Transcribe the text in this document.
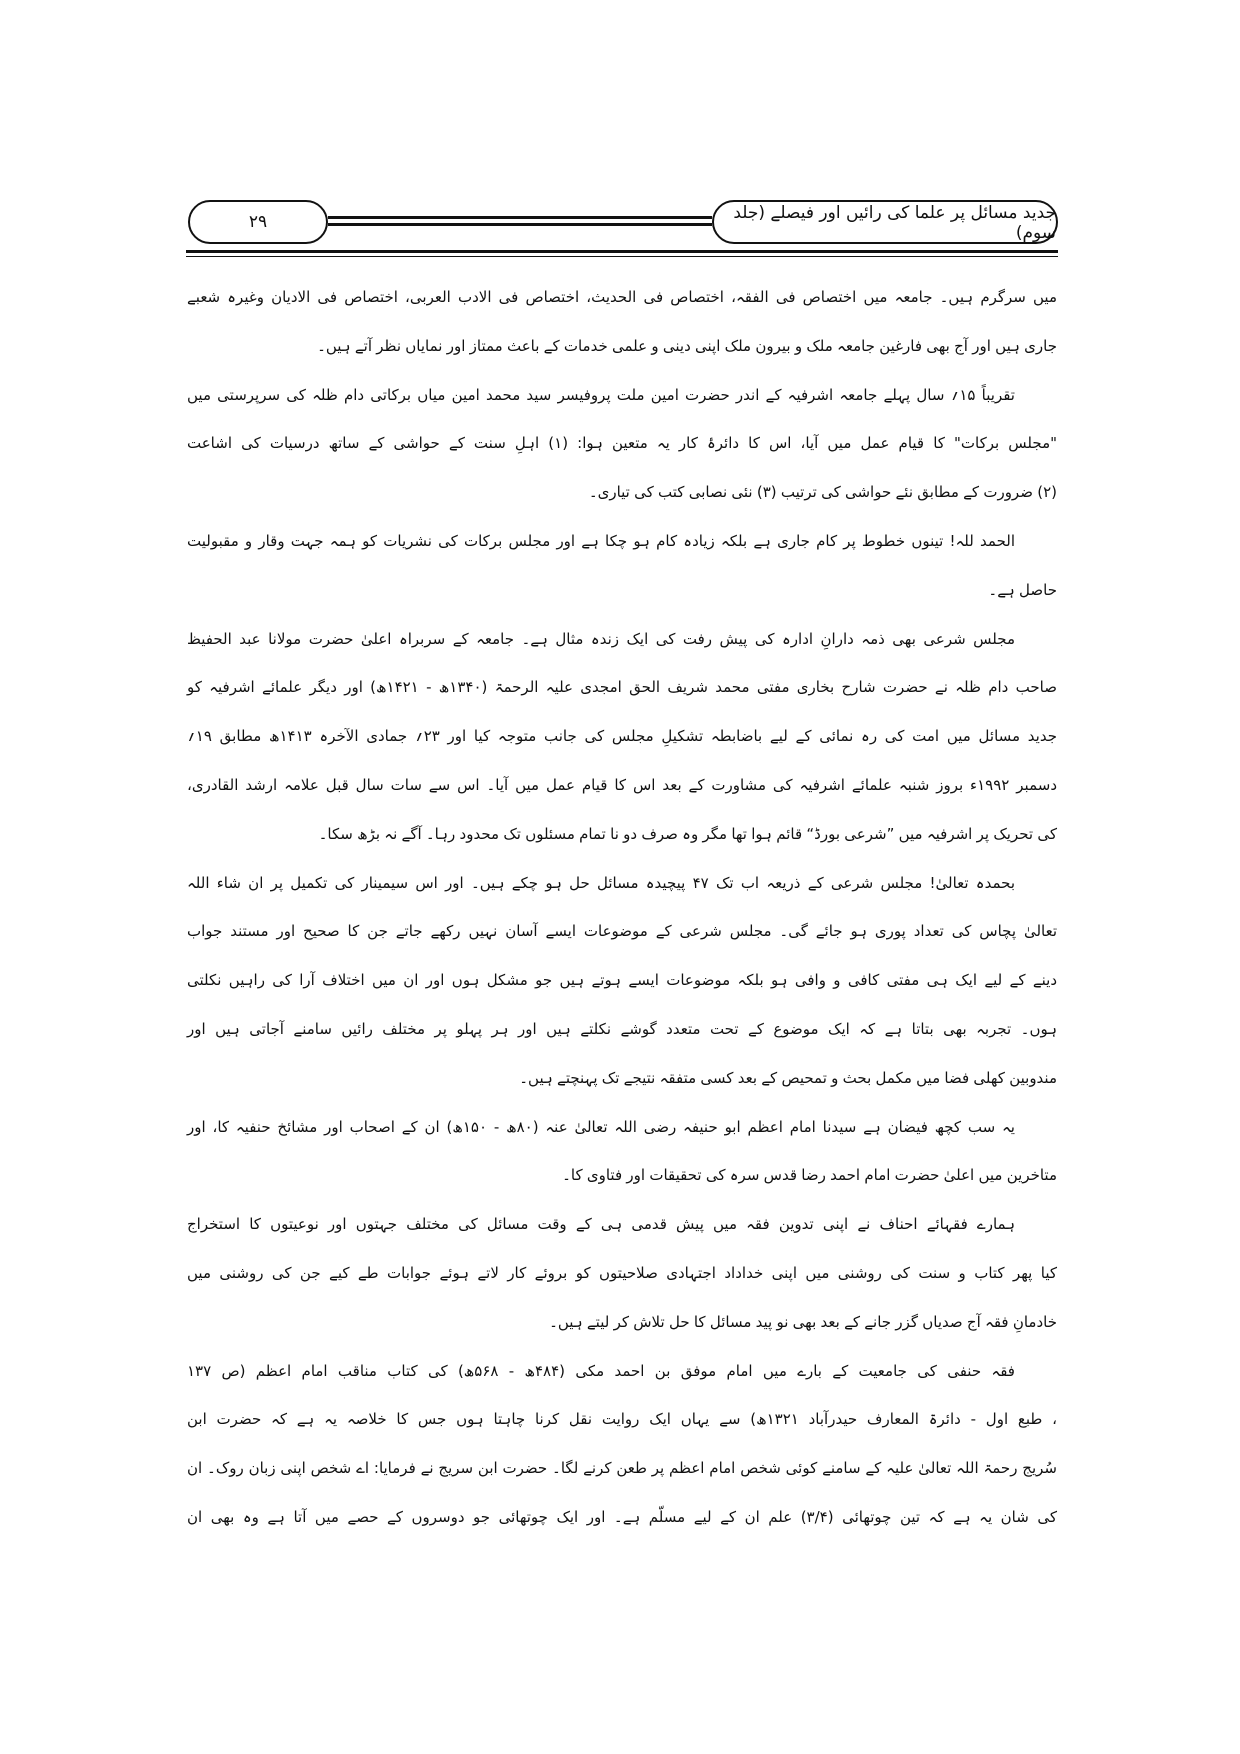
۲۹	جدید مسائل پر علما کی رائیں اور فیصلے (جلد سوم)
میں سرگرم ہیں۔ جامعہ میں اختصاص فی الفقہ، اختصاص فی الحدیث، اختصاص فی الادب العربی، اختصاص فی الادیان وغیرہ شعبے
جاری ہیں اور آج بھی فارغین جامعہ ملک و بیرون ملک اپنی دینی و علمی خدمات کے باعث ممتاز اور نمایاں نظر آتے ہیں۔
تقریباً ۱۵؍ سال پہلے جامعہ اشرفیہ کے اندر حضرت امین ملت پروفیسر سید محمد امین میاں برکاتی دام ظلہ کی سرپرستی میں
"مجلس برکات" کا قیام عمل میں آیا، اس کا دائرۂ کار یہ متعین ہوا: (۱) اہلِ سنت کے حواشی کے ساتھ درسیات کی اشاعت
(۲) ضرورت کے مطابق نئے حواشی کی ترتیب (۳) نئی نصابی کتب کی تیاری۔
الحمد للہ! تینوں خطوط پر کام جاری ہے بلکہ زیادہ کام ہو چکا ہے اور مجلس برکات کی نشریات کو ہمہ جہت وقار و مقبولیت
حاصل ہے۔
مجلس شرعی بھی ذمہ دارانِ ادارہ کی پیش رفت کی ایک زندہ مثال ہے۔ جامعہ کے سربراہ اعلیٰ حضرت مولانا عبد الحفیظ
صاحب دام ظلہ نے حضرت شارح بخاری مفتی محمد شریف الحق امجدی علیہ الرحمۃ (۱۳۴۰ھ - ۱۴۲۱ھ) اور دیگر علمائے اشرفیہ کو
جدید مسائل میں امت کی رہ نمائی کے لیے باضابطہ تشکیلِ مجلس کی جانب متوجہ کیا اور ۲۳؍ جمادی الآخرہ ۱۴۱۳ھ مطابق ۱۹؍
دسمبر ۱۹۹۲ء بروز شنبہ علمائے اشرفیہ کی مشاورت کے بعد اس کا قیام عمل میں آیا۔ اس سے سات سال قبل علامہ ارشد القادری،
کی تحریک پر اشرفیہ میں ”شرعی بورڈ“ قائم ہوا تھا مگر وہ صرف دو نا تمام مسئلوں تک محدود رہا۔ آگے نہ بڑھ سکا۔
بحمدہ تعالیٰ! مجلس شرعی کے ذریعہ اب تک ۴۷ پیچیدہ مسائل حل ہو چکے ہیں۔ اور اس سیمینار کی تکمیل پر ان شاء اللہ
تعالیٰ پچاس کی تعداد پوری ہو جائے گی۔ مجلس شرعی کے موضوعات ایسے آسان نہیں رکھے جاتے جن کا صحیح اور مستند جواب
دینے کے لیے ایک ہی مفتی کافی و وافی ہو بلکہ موضوعات ایسے ہوتے ہیں جو مشکل ہوں اور ان میں اختلاف آرا کی راہیں نکلتی
ہوں۔ تجربہ بھی بتاتا ہے کہ ایک موضوع کے تحت متعدد گوشے نکلتے ہیں اور ہر پہلو پر مختلف رائیں سامنے آجاتی ہیں اور
مندوبین کھلی فضا میں مکمل بحث و تمحیص کے بعد کسی متفقہ نتیجے تک پہنچتے ہیں۔
یہ سب کچھ فیضان ہے سیدنا امام اعظم ابو حنیفہ رضی اللہ تعالیٰ عنہ (۸۰ھ - ۱۵۰ھ) ان کے اصحاب اور مشائخ حنفیہ کا، اور
متاخرین میں اعلیٰ حضرت امام احمد رضا قدس سرہ کی تحقیقات اور فتاوی کا۔
ہمارے فقہائے احناف نے اپنی تدوین فقہ میں پیش قدمی ہی کے وقت مسائل کی مختلف جہتوں اور نوعیتوں کا استخراج
کیا پھر کتاب و سنت کی روشنی میں اپنی خداداد اجتہادی صلاحیتوں کو بروئے کار لاتے ہوئے جوابات طے کیے جن کی روشنی میں
خادمانِ فقہ آج صدیاں گزر جانے کے بعد بھی نو پید مسائل کا حل تلاش کر لیتے ہیں۔
فقہ حنفی کی جامعیت کے بارے میں امام موفق بن احمد مکی (۴۸۴ھ - ۵۶۸ھ) کی کتاب مناقب امام اعظم (ص ۱۳۷
، طبع اول - دائرۃ المعارف حیدرآباد ۱۳۲۱ھ) سے یہاں ایک روایت نقل کرنا چاہتا ہوں جس کا خلاصہ یہ ہے کہ حضرت ابن
سُریج رحمۃ اللہ تعالیٰ علیہ کے سامنے کوئی شخص امام اعظم پر طعن کرنے لگا۔ حضرت ابن سریج نے فرمایا: اے شخص اپنی زبان روک۔ ان
کی شان یہ ہے کہ تین چوتھائی (۳/۴) علم ان کے لیے مسلّم ہے۔ اور ایک چوتھائی جو دوسروں کے حصے میں آتا ہے وہ بھی ان
